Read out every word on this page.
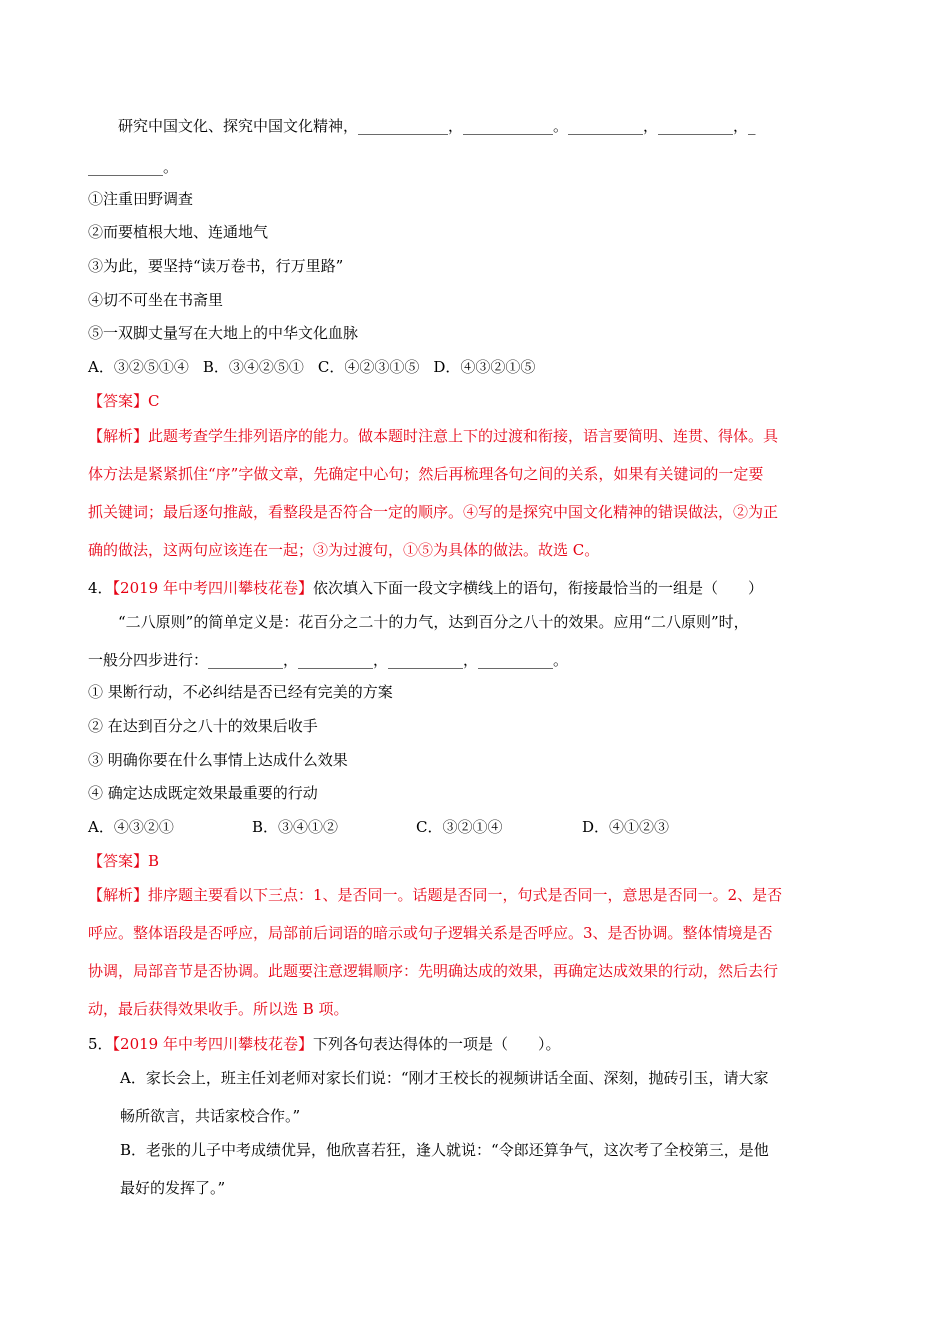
研究中国文化、探究中国文化精神，____________，____________。__________，__________，_
__________。
①注重田野调查
②而要植根大地、连通地气
③为此，要坚持“读万卷书，行万里路”
④切不可坐在书斋里
⑤一双脚丈量写在大地上的中华文化血脉
A．③②⑤①④ B．③④②⑤① C．④②③①⑤ D．④③②①⑤
【答案】C
【解析】此题考查学生排列语序的能力。做本题时注意上下的过渡和衔接，语言要简明、连贯、得体。具
体方法是紧紧抓住“序”字做文章，先确定中心句；然后再梳理各句之间的关系，如果有关键词的一定要
抓关键词；最后逐句推敲，看整段是否符合一定的顺序。④写的是探究中国文化精神的错误做法，②为正
确的做法，这两句应该连在一起；③为过渡句，①⑤为具体的做法。故选 C。
4．【2019 年中考四川攀枝花卷】依次填入下面一段文字横线上的语句，衔接最恰当的一组是（　　）
“二八原则”的简单定义是：花百分之二十的力气，达到百分之八十的效果。应用“二八原则”时，
一般分四步进行：__________，__________，__________，__________。
① 果断行动，不必纠结是否已经有完美的方案
② 在达到百分之八十的效果后收手
③ 明确你要在什么事情上达成什么效果
④ 确定达成既定效果最重要的行动
A．④③②①	B．③④①②	C．③②①④	D．④①②③
【答案】B
【解析】排序题主要看以下三点：1、是否同一。话题是否同一，句式是否同一，意思是否同一。2、是否
呼应。整体语段是否呼应，局部前后词语的暗示或句子逻辑关系是否呼应。3、是否协调。整体情境是否
协调，局部音节是否协调。此题要注意逻辑顺序：先明确达成的效果，再确定达成效果的行动，然后去行
动，最后获得效果收手。所以选 B 项。
5．【2019 年中考四川攀枝花卷】下列各句表达得体的一项是（　　）。
A．家长会上，班主任刘老师对家长们说：“刚才王校长的视频讲话全面、深刻，抛砖引玉，请大家
畅所欲言，共话家校合作。”
B．老张的儿子中考成绩优异，他欣喜若狂，逢人就说：“令郎还算争气，这次考了全校第三，是他
最好的发挥了。”
